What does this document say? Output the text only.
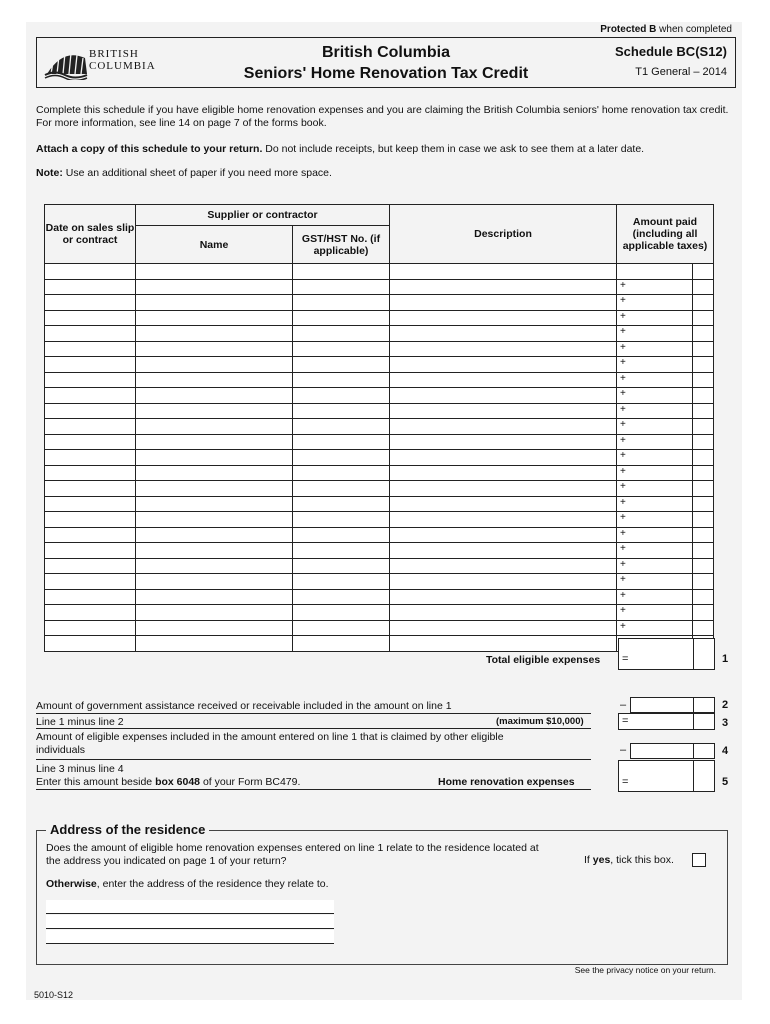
Protected B when completed
BRITISH
COLUMBIA
British Columbia
Seniors' Home Renovation Tax Credit
Schedule BC(S12)
T1 General – 2014
Complete this schedule if you have eligible home renovation expenses and you are claiming the British Columbia seniors' home renovation tax credit. For more information, see line 14 on page 7 of the forms book.
Attach a copy of this schedule to your return. Do not include receipts, but keep them in case we ask to see them at a later date.
Note: Use an additional sheet of paper if you need more space.
Date on sales slip or contract	Supplier or contractor		Description	Amount paid (including all applicable taxes)	
	Name	GST/HST No. (if applicable)			

				+	

				+	

				+	

				+	

				+	

				+	

				+	

				+	

				+	

				+	

				+	

				+	

				+	

				+	

				+	

				+	

				+	

				+	

				+	

				+	

				+	

				+	

				+	

Total eligible expenses =	1
Amount of government assistance received or receivable included in the amount on line 1	–	2
Line 1 minus line 2	(maximum $10,000)	=	3
Amount of eligible expenses included in the amount entered on line 1 that is claimed by other eligible individuals	–	4
Line 3 minus line 4
Enter this amount beside box 6048 of your Form BC479.	Home renovation expenses	=	5
Address of the residence
Does the amount of eligible home renovation expenses entered on line 1 relate to the residence located at the address you indicated on page 1 of your return?	If yes, tick this box.
Otherwise, enter the address of the residence they relate to.
See the privacy notice on your return.
5010-S12
